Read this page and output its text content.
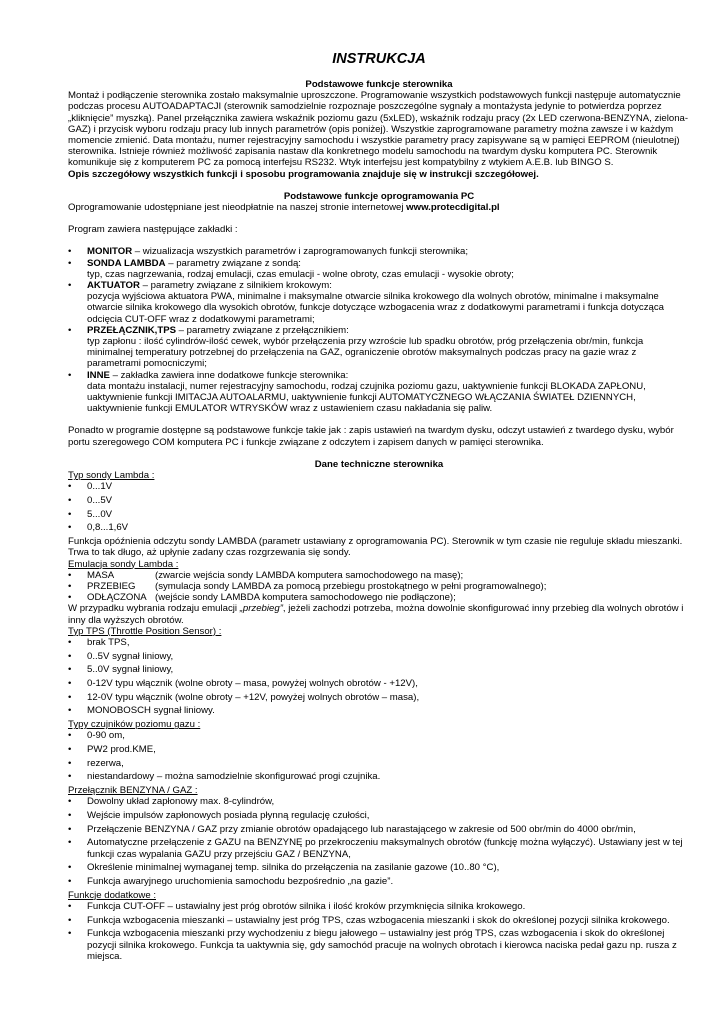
INSTRUKCJA

Podstawowe funkcje sterownika

Montaż i podłączenie sterownika zostało maksymalnie uproszczone. Programowanie wszystkich podstawowych funkcji następuje automatycznie podczas procesu AUTOADAPTACJI (sterownik samodzielnie rozpoznaje poszczególne sygnały a montażysta jedynie to potwierdza poprzez „kliknięcie” myszką). Panel przełącznika zawiera wskaźnik poziomu gazu (5xLED), wskaźnik rodzaju pracy (2x LED czerwona-BENZYNA, zielona-GAZ) i przycisk wyboru rodzaju pracy lub innych parametrów (opis poniżej). Wszystkie zaprogramowane parametry można zawsze i w każdym momencie zmienić. Data montażu, numer rejestracyjny samochodu i wszystkie parametry pracy zapisywane są w pamięci EEPROM (nieulotnej) sterownika. Istnieje również możliwość zapisania nastaw dla konkretnego modelu samochodu na twardym dysku komputera PC. Sterownik komunikuje się z komputerem PC za pomocą interfejsu RS232. Wtyk interfejsu jest kompatybilny z wtykiem A.E.B. lub BINGO S.

Opis szczegółowy wszystkich funkcji i sposobu programowania znajduje się w instrukcji szczegółowej.

Podstawowe funkcje oprogramowania PC

Oprogramowanie udostępniane jest nieodpłatnie na naszej stronie internetowej www.protecdigital.pl

Program zawiera następujące zakładki :

• MONITOR – wizualizacja wszystkich parametrów i zaprogramowanych funkcji sterownika;
• SONDA LAMBDA – parametry związane z sondą:
typ, czas nagrzewania, rodzaj emulacji, czas emulacji - wolne obroty, czas emulacji - wysokie obroty;
• AKTUATOR – parametry związane z silnikiem krokowym:
pozycja wyjściowa aktuatora PWA, minimalne i maksymalne otwarcie silnika krokowego dla wolnych obrotów, minimalne i maksymalne otwarcie silnika krokowego dla wysokich obrotów, funkcje dotyczące wzbogacenia wraz z dodatkowymi parametrami i funkcja dotycząca odcięcia CUT-OFF wraz z dodatkowymi parametrami;
• PRZEŁĄCZNIK,TPS – parametry związane z przełącznikiem:
typ zapłonu : ilość cylindrów-ilość cewek, wybór przełączenia przy wzroście lub spadku obrotów, próg przełączenia obr/min, funkcja minimalnej temperatury potrzebnej do przełączenia na GAZ, ograniczenie obrotów maksymalnych podczas pracy na gazie wraz z parametrami pomocniczymi;
• INNE – zakładka zawiera inne dodatkowe funkcje sterownika:
data montażu instalacji, numer rejestracyjny samochodu, rodzaj czujnika poziomu gazu, uaktywnienie funkcji BLOKADA ZAPŁONU, uaktywnienie funkcji IMITACJA AUTOALARMU, uaktywnienie funkcji AUTOMATYCZNEGO WŁĄCZANIA ŚWIATEŁ DZIENNYCH, uaktywnienie funkcji EMULATOR WTRYSKÓW wraz z ustawieniem czasu nakładania się paliw.

Ponadto w programie dostępne są podstawowe funkcje takie jak : zapis ustawień na twardym dysku, odczyt ustawień z twardego dysku, wybór portu szeregowego COM komputera PC i funkcje związane z odczytem i zapisem danych w pamięci sterownika.

Dane techniczne sterownika

Typ sondy Lambda :

• 0...1V
• 0...5V
• 5...0V
• 0,8...1,6V

Funkcja opóźnienia odczytu sondy LAMBDA (parametr ustawiany z oprogramowania PC). Sterownik w tym czasie nie reguluje składu mieszanki. Trwa to tak długo, aż upłynie zadany czas rozgrzewania się sondy.

Emulacja sondy Lambda :

• MASA	(zwarcie wejścia sondy LAMBDA komputera samochodowego na masę);
• PRZEBIEG (symulacja sondy LAMBDA za pomocą przebiegu prostokątnego w pełni programowalnego);
• ODŁĄCZONA (wejście sondy LAMBDA komputera samochodowego nie podłączone);

W przypadku wybrania rodzaju emulacji „przebieg”, jeżeli zachodzi potrzeba, można dowolnie skonfigurować inny przebieg dla wolnych obrotów i inny dla wyższych obrotów.

Typ TPS (Throttle Position Sensor) :

• brak TPS,
• 0..5V sygnał liniowy,
• 5..0V sygnał liniowy,
• 0-12V typu włącznik (wolne obroty – masa, powyżej wolnych obrotów - +12V),
• 12-0V typu włącznik (wolne obroty – +12V, powyżej wolnych obrotów – masa),
• MONOBOSCH sygnał liniowy.

Typy czujników poziomu gazu :

• 0-90 om,
• PW2 prod.KME,
• rezerwa,
• niestandardowy – można samodzielnie skonfigurować progi czujnika.

Przełącznik BENZYNA / GAZ :

• Dowolny układ zapłonowy max. 8-cylindrów,
• Wejście impulsów zapłonowych posiada płynną regulację czułości,
• Przełączenie BENZYNA / GAZ przy zmianie obrotów opadającego lub narastającego w zakresie od 500 obr/min do 4000 obr/min,
• Automatyczne przełączenie z GAZU na BENZYNĘ po przekroczeniu maksymalnych obrotów (funkcję można wyłączyć). Ustawiany jest w tej funkcji czas wypalania GAZU przy przejściu GAZ / BENZYNA,
• Określenie minimalnej wymaganej temp. silnika do przełączenia na zasilanie gazowe (10..80 °C),
• Funkcja awaryjnego uruchomienia samochodu bezpośrednio „na gazie”.

Funkcje dodatkowe :

• Funkcja CUT-OFF – ustawialny jest próg obrotów silnika i ilość kroków przymknięcia silnika krokowego.
• Funkcja wzbogacenia mieszanki – ustawialny jest próg TPS, czas wzbogacenia mieszanki i skok do określonej pozycji silnika krokowego.
• Funkcja wzbogacenia mieszanki przy wychodzeniu z biegu jałowego – ustawialny jest próg TPS, czas wzbogacenia i skok do określonej pozycji silnika krokowego. Funkcja ta uaktywnia się, gdy samochód pracuje na wolnych obrotach i kierowca naciska pedał gazu np. rusza z miejsca.
